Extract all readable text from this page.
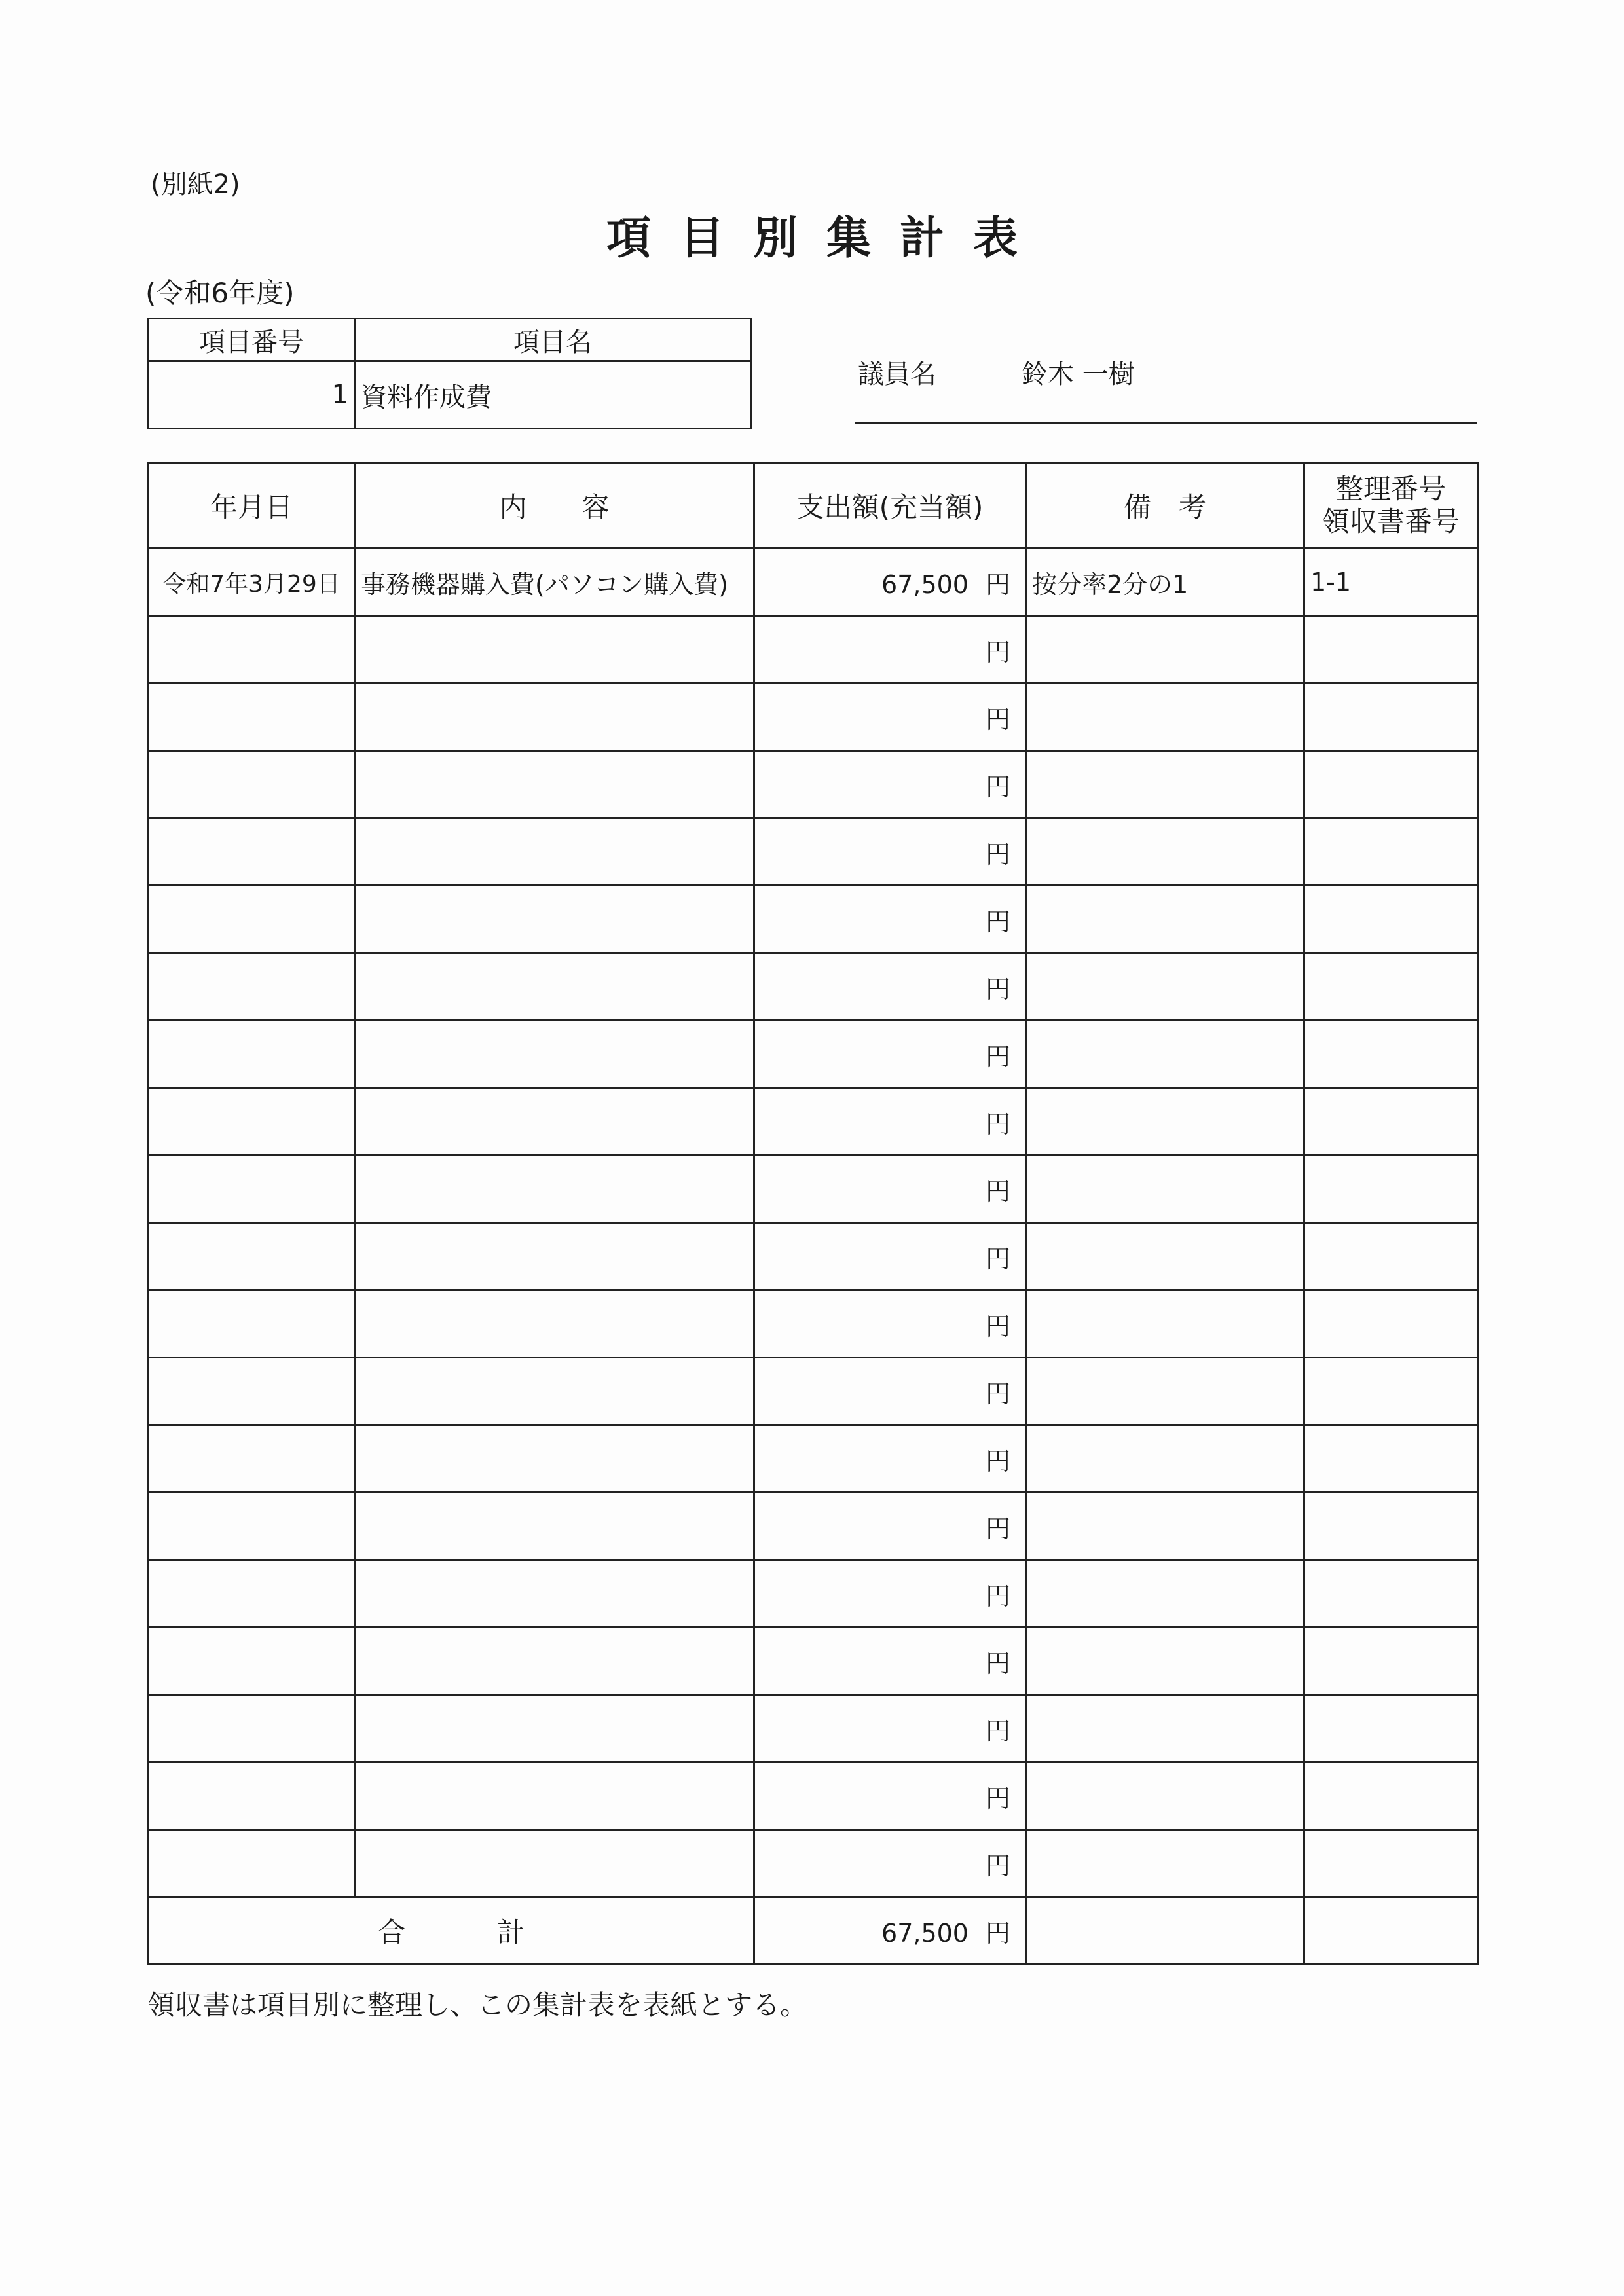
(別紙2)
項目別集計表
(令和6年度)
項目番号	項目名
1	資料作成費
議員名	鈴木 一樹
年月日	内　　容	支出額(充当額)	備　考	整理番号
領収書番号

令和7年3月29日	事務機器購入費(パソコン購入費)	67,500 円	按分率2分の1	1-1
		円		
		円		
		円		
		円		
		円		
		円		
		円		
		円		
		円		
		円		
		円		
		円		
		円		
		円		
		円		
		円		
		円		
		円		
		円		
合 計		67,500 円		
領収書は項目別に整理し、この集計表を表紙とする。
